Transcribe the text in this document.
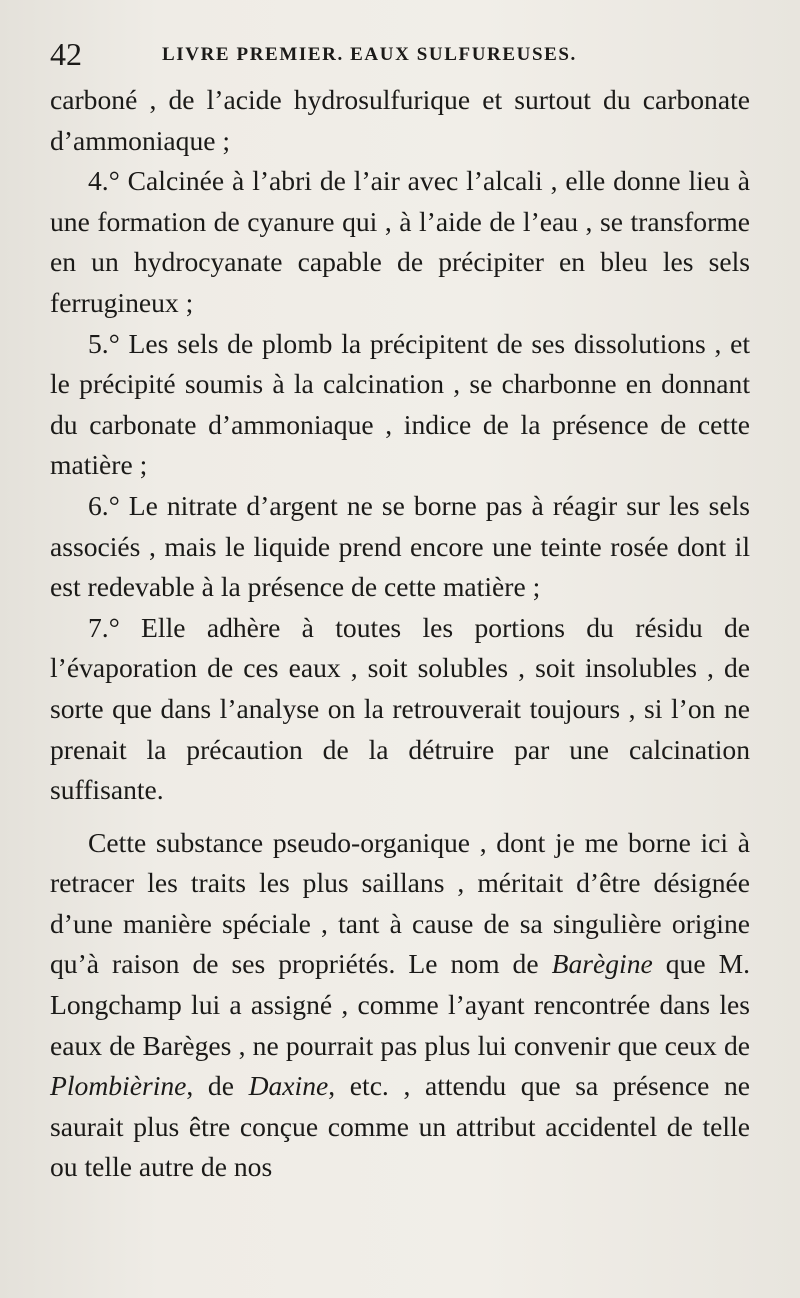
42	LIVRE PREMIER. EAUX SULFUREUSES.

carboné , de l’acide hydrosulfurique et surtout du carbonate d’ammoniaque ;

4.° Calcinée à l’abri de l’air avec l’alcali , elle donne lieu à une formation de cyanure qui , à l’aide de l’eau , se transforme en un hydrocyanate capable de précipiter en bleu les sels ferrugineux ;

5.° Les sels de plomb la précipitent de ses dissolutions , et le précipité soumis à la calcination , se charbonne en donnant du carbonate d’ammoniaque , indice de la présence de cette matière ;

6.° Le nitrate d’argent ne se borne pas à réagir sur les sels associés , mais le liquide prend encore une teinte rosée dont il est redevable à la présence de cette matière ;

7.° Elle adhère à toutes les portions du résidu de l’évaporation de ces eaux , soit solubles , soit insolubles , de sorte que dans l’analyse on la retrouverait toujours , si l’on ne prenait la précaution de la détruire par une calcination suffisante.

Cette substance pseudo-organique , dont je me borne ici à retracer les traits les plus saillans , méritait d’être désignée d’une manière spéciale , tant à cause de sa singulière origine qu’à raison de ses propriétés. Le nom de Barègine que M. Longchamp lui a assigné , comme l’ayant rencontrée dans les eaux de Barèges , ne pourrait pas plus lui convenir que ceux de Plombièrine, de Daxine, etc. , attendu que sa présence ne saurait plus être conçue comme un attribut accidentel de telle ou telle autre de nos
